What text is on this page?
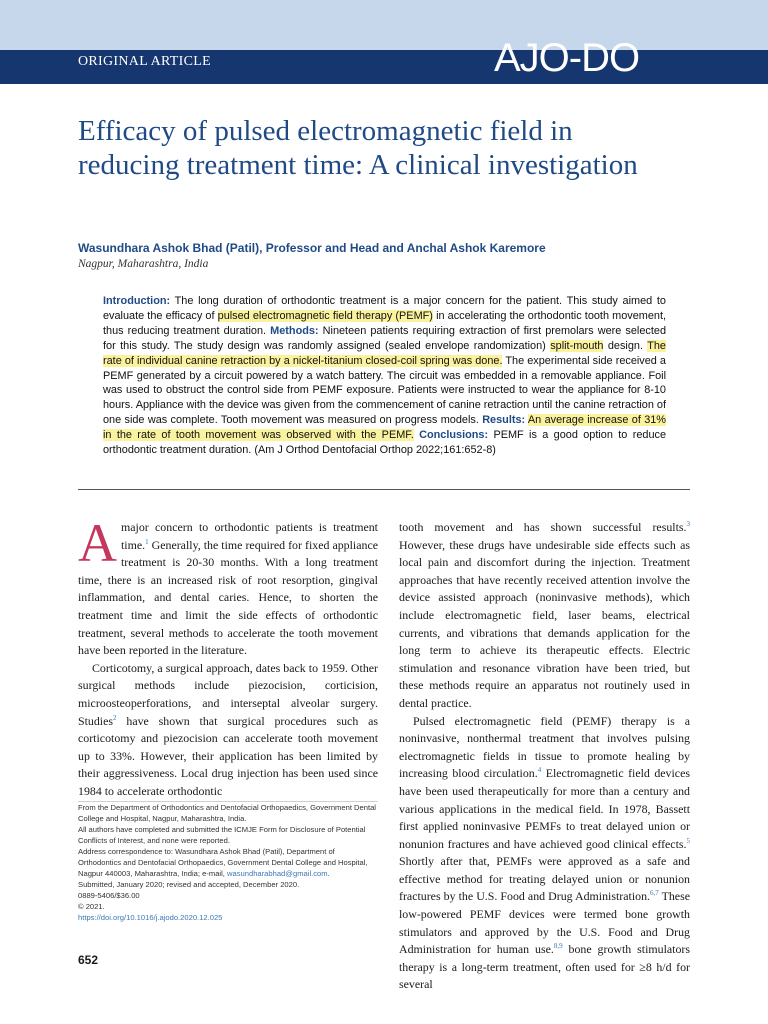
ORIGINAL ARTICLE	AJO-DO
Efficacy of pulsed electromagnetic field in reducing treatment time: A clinical investigation
Wasundhara Ashok Bhad (Patil), Professor and Head and Anchal Ashok Karemore
Nagpur, Maharashtra, India
Introduction: The long duration of orthodontic treatment is a major concern for the patient. This study aimed to evaluate the efficacy of pulsed electromagnetic field therapy (PEMF) in accelerating the orthodontic tooth movement, thus reducing treatment duration. Methods: Nineteen patients requiring extraction of first premolars were selected for this study. The study design was randomly assigned (sealed envelope randomization) split-mouth design. The rate of individual canine retraction by a nickel-titanium closed-coil spring was done. The experimental side received a PEMF generated by a circuit powered by a watch battery. The circuit was embedded in a removable appliance. Foil was used to obstruct the control side from PEMF exposure. Patients were instructed to wear the appliance for 8-10 hours. Appliance with the device was given from the commencement of canine retraction until the canine retraction of one side was complete. Tooth movement was measured on progress models. Results: An average increase of 31% in the rate of tooth movement was observed with the PEMF. Conclusions: PEMF is a good option to reduce orthodontic treatment duration. (Am J Orthod Dentofacial Orthop 2022;161:652-8)

A major concern to orthodontic patients is treatment time.$^1$ Generally, the time required for fixed appliance treatment is 20-30 months. With a long treatment time, there is an increased risk of root resorption, gingival inflammation, and dental caries. Hence, to shorten the treatment time and limit the side effects of orthodontic treatment, several methods to accelerate the tooth movement have been reported in the literature.

Corticotomy, a surgical approach, dates back to 1959. Other surgical methods include piezocision, corticision, microosteoperforations, and interseptal alveolar surgery. Studies$^2$ have shown that surgical procedures such as corticotomy and piezocision can accelerate tooth movement up to 33%. However, their application has been limited by their aggressiveness. Local drug injection has been used since 1984 to accelerate orthodontic

tooth movement and has shown successful results.$^3$ However, these drugs have undesirable side effects such as local pain and discomfort during the injection. Treatment approaches that have recently received attention involve the device assisted approach (noninvasive methods), which include electromagnetic field, laser beams, electrical currents, and vibrations that demands application for the long term to achieve its therapeutic effects. Electric stimulation and resonance vibration have been tried, but these methods require an apparatus not routinely used in dental practice.

Pulsed electromagnetic field (PEMF) therapy is a noninvasive, nonthermal treatment that involves pulsing electromagnetic fields in tissue to promote healing by increasing blood circulation.$^4$ Electromagnetic field devices have been used therapeutically for more than a century and various applications in the medical field. In 1978, Bassett first applied noninvasive PEMFs to treat delayed union or nonunion fractures and have achieved good clinical effects.$^5$ Shortly after that, PEMFs were approved as a safe and effective method for treating delayed union or nonunion fractures by the U.S. Food and Drug Administration.$^{6,7}$ These low-powered PEMF devices were termed bone growth stimulators and approved by the U.S. Food and Drug Administration for human use.$^{8,9}$ bone growth stimulators therapy is a long-term treatment, often used for ≥8 h/d for several

From the Department of Orthodontics and Dentofacial Orthopaedics, Government Dental College and Hospital, Nagpur, Maharashtra, India.
All authors have completed and submitted the ICMJE Form for Disclosure of Potential Conflicts of Interest, and none were reported.
Address correspondence to: Wasundhara Ashok Bhad (Patil), Department of Orthodontics and Dentofacial Orthopaedics, Government Dental College and Hospital, Nagpur 440003, Maharashtra, India; e-mail, wasundharabhad@gmail.com.
Submitted, January 2020; revised and accepted, December 2020.
0889-5406/$36.00
© 2021.
https://doi.org/10.1016/j.ajodo.2020.12.025
652
